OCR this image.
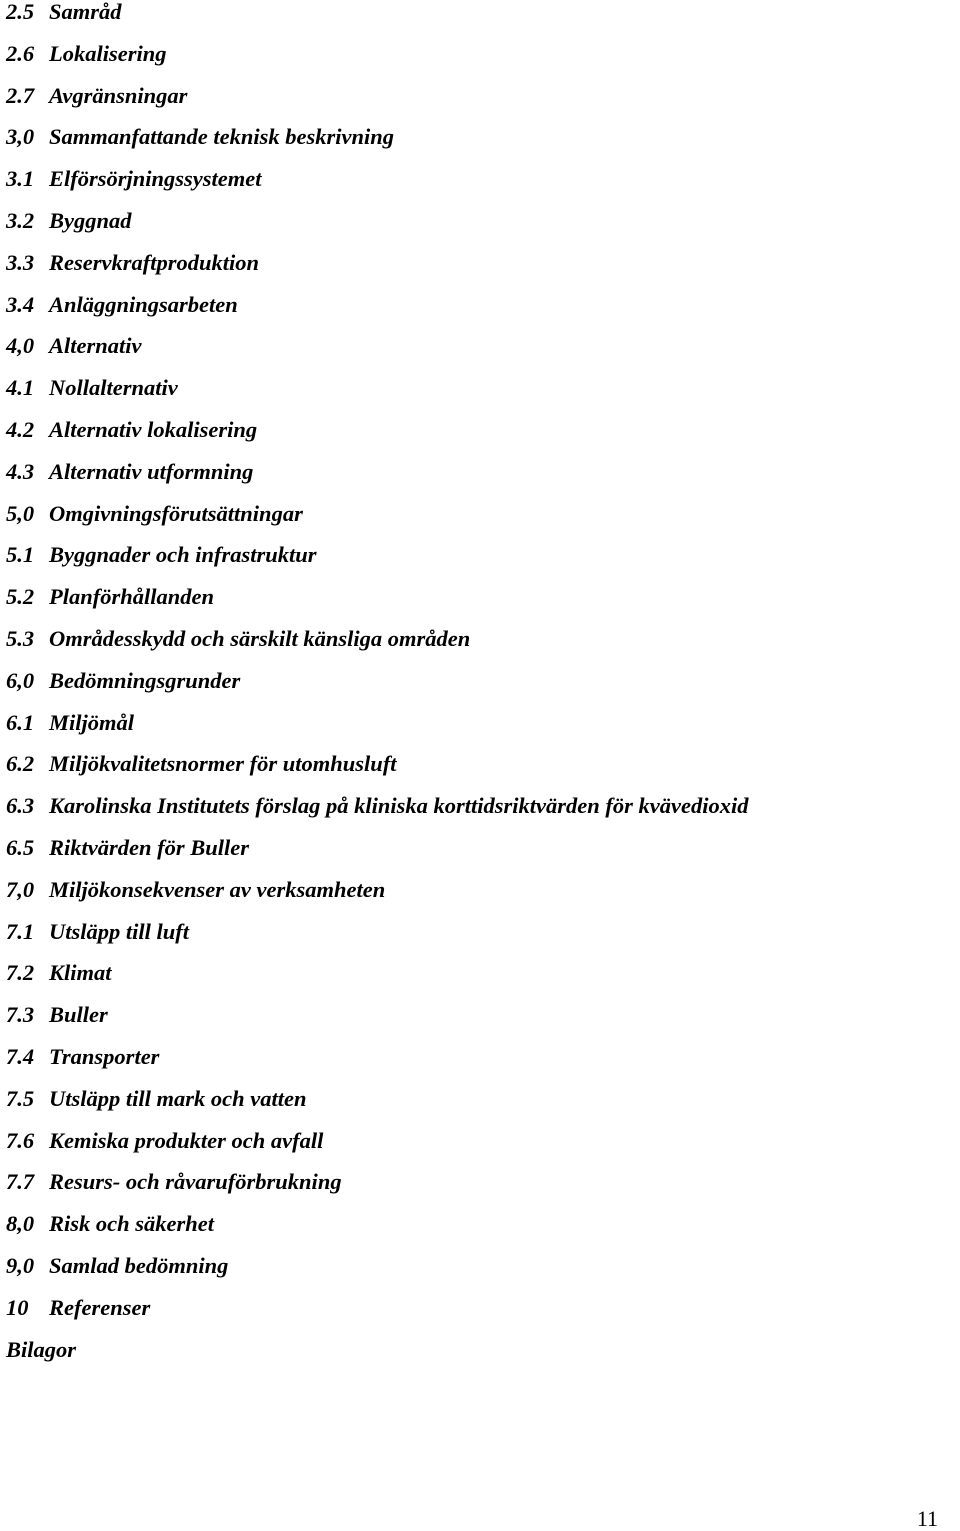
2.5 Samråd
2.6 Lokalisering
2.7 Avgränsningar
3,0 Sammanfattande teknisk beskrivning
3.1 Elförsörjningssystemet
3.2 Byggnad
3.3 Reservkraftproduktion
3.4 Anläggningsarbeten
4,0 Alternativ
4.1 Nollalternativ
4.2 Alternativ lokalisering
4.3 Alternativ utformning
5,0 Omgivningsförutsättningar
5.1 Byggnader och infrastruktur
5.2 Planförhållanden
5.3 Områdesskydd och särskilt känsliga områden
6,0 Bedömningsgrunder
6.1 Miljömål
6.2 Miljökvalitetsnormer för utomhusluft
6.3 Karolinska Institutets förslag på kliniska korttidsriktvärden för kvävedioxid
6.5 Riktvärden för Buller
7,0 Miljökonsekvenser av verksamheten
7.1 Utsläpp till luft
7.2 Klimat
7.3 Buller
7.4 Transporter
7.5 Utsläpp till mark och vatten
7.6 Kemiska produkter och avfall
7.7 Resurs- och råvaruförbrukning
8,0 Risk och säkerhet
9,0 Samlad bedömning
10 Referenser
Bilagor
11
